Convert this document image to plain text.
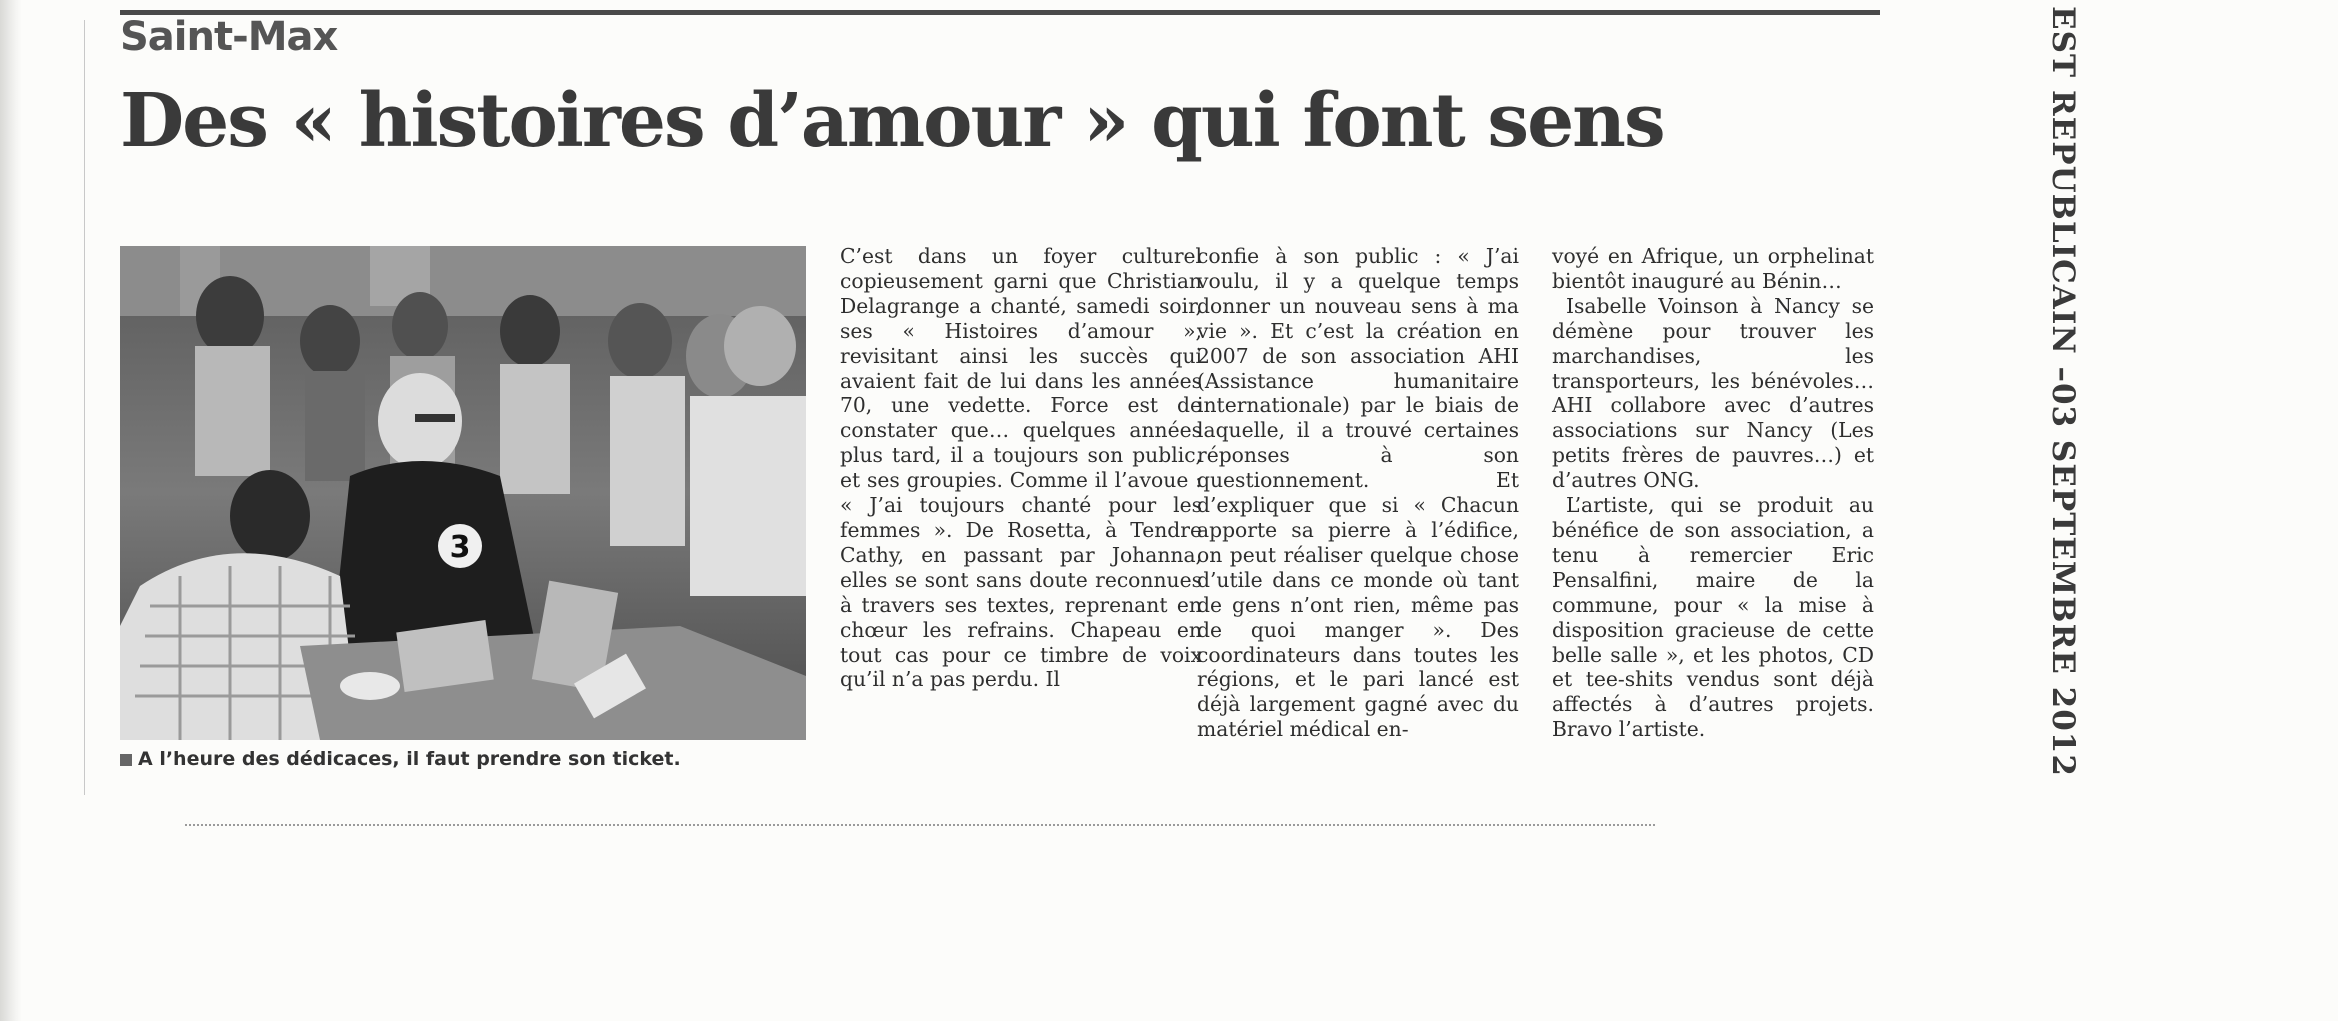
Saint-Max
Des « histoires d’amour » qui font sens
3
A l’heure des dédicaces, il faut prendre son ticket.

C’est dans un foyer culturel copieusement garni que Christian Delagrange a chanté, samedi soir, ses « Histoires d’amour », revisitant ainsi les succès qui avaient fait de lui dans les années 70, une vedette. Force est de constater que… quelques années plus tard, il a toujours son public, et ses groupies. Comme il l’avoue : « J’ai toujours chanté pour les femmes ». De Rosetta, à Tendre Cathy, en passant par Johanna, elles se sont sans doute reconnues à travers ses textes, reprenant en chœur les refrains. Chapeau en tout cas pour ce timbre de voix qu’il n’a pas perdu. Il

confie à son public : « J’ai voulu, il y a quelque temps donner un nouveau sens à ma vie ». Et c’est la création en 2007 de son association AHI (Assistance humanitaire internationale) par le biais de laquelle, il a trouvé certaines réponses à son questionnement. Et d’expliquer que si « Chacun apporte sa pierre à l’édifice, on peut réaliser quelque chose d’utile dans ce monde où tant de gens n’ont rien, même pas de quoi manger ». Des coordinateurs dans toutes les régions, et le pari lancé est déjà largement gagné avec du matériel médical en-

voyé en Afrique, un orphelinat bientôt inauguré au Bénin…

Isabelle Voinson à Nancy se démène pour trouver les marchandises, les transporteurs, les bénévoles… AHI collabore avec d’autres associations sur Nancy (Les petits frères de pauvres…) et d’autres ONG.

L’artiste, qui se produit au bénéfice de son association, a tenu à remercier Eric Pensalfini, maire de la commune, pour « la mise à disposition gracieuse de cette belle salle », et les photos, CD et tee-shits vendus sont déjà affectés à d’autres projets. Bravo l’artiste.

EST REPUBLICAIN –03 SEPTEMBRE 2012
